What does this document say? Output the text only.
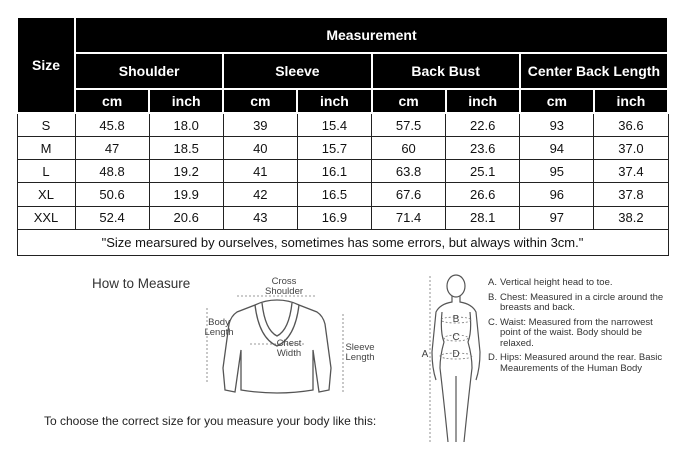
Size	Measurement							
	Shoulder		Sleeve		Back Bust		Center Back Length	
	cm	inch	cm	inch	cm	inch	cm	inch
S	45.8	18.0	39	15.4	57.5	22.6	93	36.6
M	47	18.5	40	15.7	60	23.6	94	37.0
L	48.8	19.2	41	16.1	63.8	25.1	95	37.4
XL	50.6	19.9	42	16.5	67.6	26.6	96	37.8
XXL	52.4	20.6	43	16.9	71.4	28.1	97	38.2
"Size mearsured by ourselves, sometimes has some errors, but always within 3cm."								
How to Measure	Cross Shoulder
Body Length
Chest Width
Sleeve Length
To choose the correct size for you measure your body like this:
A
B
C
D
A. Vertical height head to toe.
B. Chest: Measured in a circle around the breasts and back.
C. Waist: Measured from the narrowest point of the waist. Body should be relaxed.
D. Hips: Measured around the rear. Basic Meaurements of the Human Body
